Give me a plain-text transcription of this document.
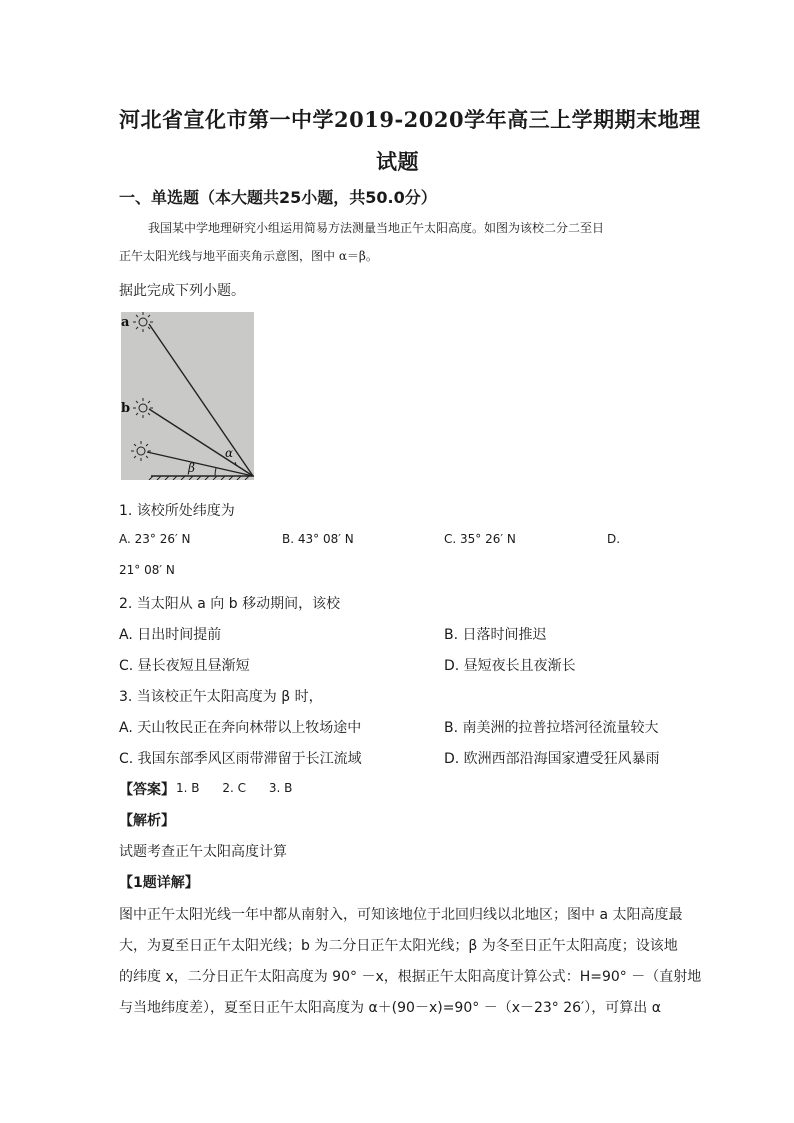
河北省宣化市第一中学2019-2020学年高三上学期期末地理
试题
一、单选题（本大题共25小题，共50.0分）
我国某中学地理研究小组运用简易方法测量当地正午太阳高度。如图为该校二分二至日
正午太阳光线与地平面夹角示意图，图中 α＝β。
据此完成下列小题。
a
b
α
β
1. 该校所处纬度为
A. 23° 26′ N	B. 43° 08′ N	C. 35° 26′ N	D.
21° 08′ N
2. 当太阳从 a 向 b 移动期间，该校
A. 日出时间提前	B. 日落时间推迟
C. 昼长夜短且昼渐短	D. 昼短夜长且夜渐长
3. 当该校正午太阳高度为 β 时，
A. 天山牧民正在奔向林带以上牧场途中	B. 南美洲的拉普拉塔河径流量较大
C. 我国东部季风区雨带滞留于长江流域	D. 欧洲西部沿海国家遭受狂风暴雨
【答案】 1. B      2. C      3. B
【解析】
试题考查正午太阳高度计算
【1题详解】
图中正午太阳光线一年中都从南射入，可知该地位于北回归线以北地区；图中 a 太阳高度最
大，为夏至日正午太阳光线；b 为二分日正午太阳光线；β 为冬至日正午太阳高度；设该地
的纬度 x，二分日正午太阳高度为 90° －x，根据正午太阳高度计算公式：H=90° －（直射地
与当地纬度差），夏至日正午太阳高度为 α＋(90－x)=90° －（x－23° 26′），可算出 α
